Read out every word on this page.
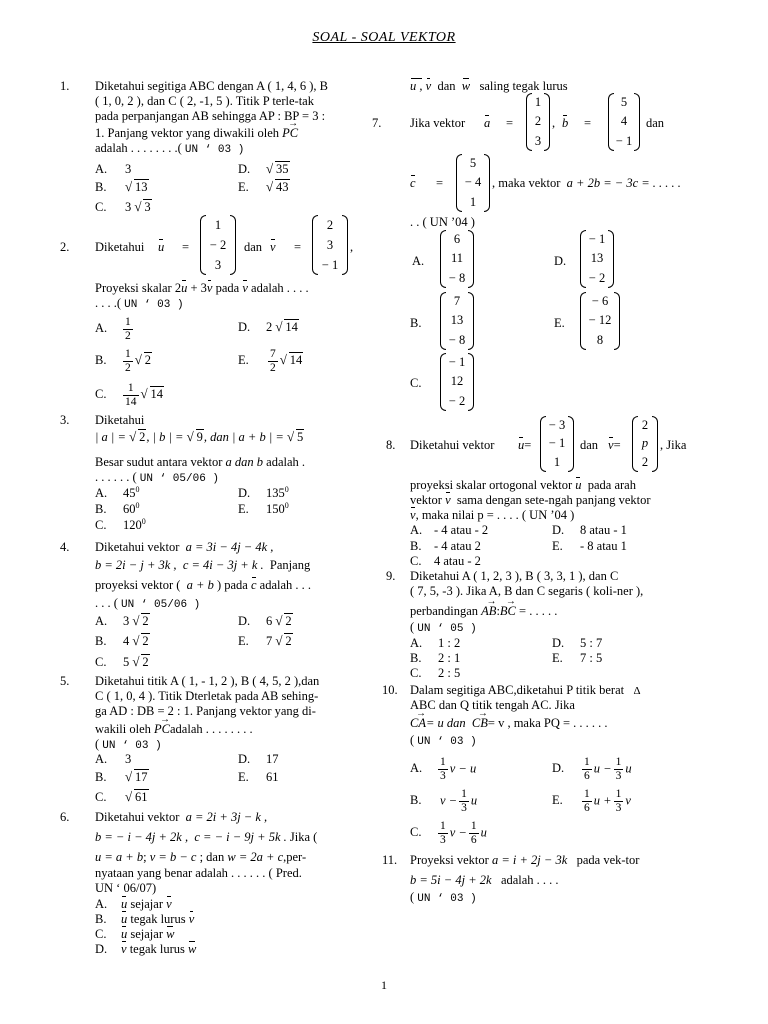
SOAL - SOAL VEKTOR
1. Diketahui segitiga ABC dengan A ( 1, 4, 6 ), B
( 1, 0, 2 ), dan C ( 2, -1, 5 ). Titik P terle-tak
pada perpanjangan AB sehingga AP : BP = 3 :
1. Panjang vektor yang diwakili oleh → PC
adalah . . . . . . . .( UN ‘ 03 )
A. 3
B. √ 13
C. 3 √ 3
D. √ 35
E. √ 43
2. Diketahui u =
1
− 2
3
dan v =
2
3
− 1
,
Proyeksi skalar 2u + 3v pada v adalah . . . .
. . . .( UN ‘ 03 )
A. $\frac{1}{2}$
B. $\frac{1}{2}$ √ 2
C. $\frac{1}{14}$ √ 14
D. 2 √ 14
E. $\frac{7}{2}$ √ 14
3. Diketahui
| a | = √ 2, | b | = √ 9, dan | a + b | = √ 5
Besar sudut antara vektor a dan b adalah .
. . . . . . ( UN ‘ 05/06 )
A. $45^0$
B. $60^0$
C. $120^0$
D. $135^0$
E. $150^0$
4. Diketahui vektor a = 3i − 4j − 4k ,
b = 2i − j + 3k , c = 4i − 3j + k . Panjang
proyeksi vektor ( a + b ) pada c adalah . . .
. . . ( UN ‘ 05/06 )
A. 3 √ 2
B. 4 √ 2
C. 5 √ 2
D. 6 √ 2
E. 7 √ 2
5. Diketahui titik A ( 1, - 1, 2 ), B ( 4, 5, 2 ),dan
C ( 1, 0, 4 ). Titik Dterletak pada AB sehing-
ga AD : DB = 2 : 1. Panjang vektor yang di-
wakili oleh → PCadalah . . . . . . . .
( UN ‘ 03 )
A. 3
B. √ 17
C. √ 61
D. 17
E. 61
6. Diketahui vektor a = 2i + 3j − k ,
b = − i − 4j + 2k , c = − i − 9j + 5k . Jika (
u = a + b; v = b − c ; dan w = 2a + c,per-
nyataan yang benar adalah . . . . . . ( Pred.
UN ‘ 06/07)
A. u sejajar v
B. u tegak lurus v
C. u sejajar w
D. v tegak lurus w
u , v dan w saling tegak lurus
7. Jika vektor a =
1
2
3
, b =
5
4
− 1
dan
c =
5
− 4
1
, maka vektor a + 2b = − 3c = . . . . .
. . ( UN ’04 )
A.
6
11
− 8
B.
7
13
− 8
C.
− 1
12
− 2
D.
− 1
13
− 2
E.
− 6
− 12
8
8. Diketahui vektor u=
− 3
− 1
1
dan v=
2
p
2
, Jika
proyeksi skalar ortogonal vektor u pada arah
vektor v sama dengan sete-ngah panjang vektor
v, maka nilai p = . . . . ( UN ’04 )
A. - 4 atau - 2
B. - 4 atau 2
C. 4 atau - 2
D. 8 atau - 1
E. - 8 atau 1
9. Diketahui A ( 1, 2, 3 ), B ( 3, 3, 1 ), dan C
( 7, 5, -3 ). Jika A, B dan C segaris ( koli-ner ),
perbandingan → AB:→ BC = . . . . .
( UN ‘ 05 )
A. 1 : 2
B. 2 : 1
C. 2 : 5
D. 5 : 7
E. 7 : 5
10. Dalam segitiga ABC,diketahui P titik berat Δ
ABC dan Q titik tengah AC. Jika
→ CA= u dan → CB= v , maka PQ = . . . . . .
( UN ‘ 03 )
A. $\frac{1}{3}$ v − u
B. $v - \frac{1}{3}$ u
C. $\frac{1}{3}$ $v - \frac{1}{6}$ u
D. $\frac{1}{6}$ $u - \frac{1}{3}$ u
E. $\frac{1}{6}$ $u + \frac{1}{3}$ v
11. Proyeksi vektor a = i + 2j − 3k pada vek-tor
b = 5i − 4j + 2k adalah . . . .
( UN ‘ 03 )
1
